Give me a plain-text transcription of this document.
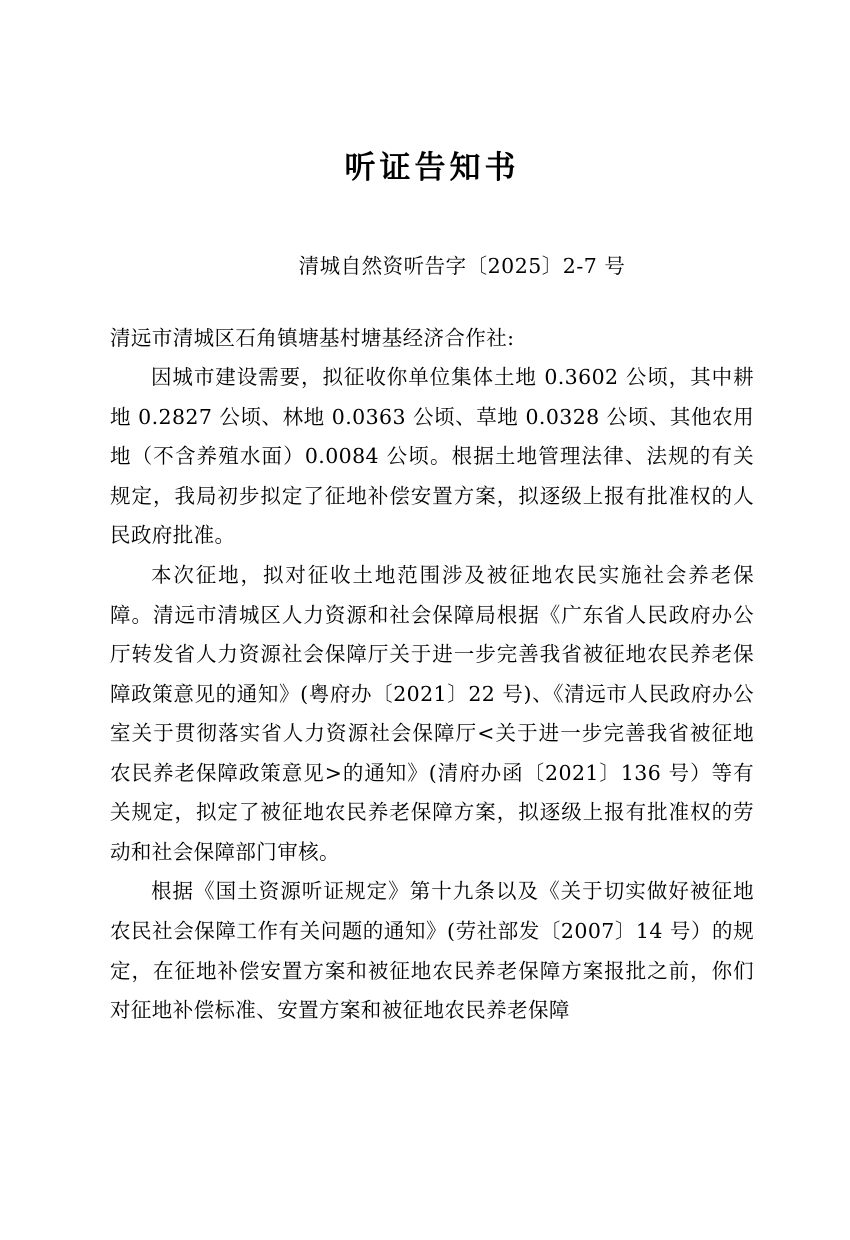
听证告知书
清城自然资听告字〔2025〕2-7 号
清远市清城区石角镇塘基村塘基经济合作社:

因城市建设需要，拟征收你单位集体土地 0.3602 公顷，其中耕地 0.2827 公顷、林地 0.0363 公顷、草地 0.0328 公顷、其他农用地（不含养殖水面）0.0084 公顷。根据土地管理法律、法规的有关规定，我局初步拟定了征地补偿安置方案，拟逐级上报有批准权的人民政府批准。

本次征地，拟对征收土地范围涉及被征地农民实施社会养老保障。清远市清城区人力资源和社会保障局根据《广东省人民政府办公厅转发省人力资源社会保障厅关于进一步完善我省被征地农民养老保障政策意见的通知》(粤府办〔2021〕22 号)、《清远市人民政府办公室关于贯彻落实省人力资源社会保障厅<关于进一步完善我省被征地农民养老保障政策意见>的通知》(清府办函〔2021〕136 号）等有关规定，拟定了被征地农民养老保障方案，拟逐级上报有批准权的劳动和社会保障部门审核。

根据《国土资源听证规定》第十九条以及《关于切实做好被征地农民社会保障工作有关问题的通知》(劳社部发〔2007〕14 号）的规定，在征地补偿安置方案和被征地农民养老保障方案报批之前，你们对征地补偿标准、安置方案和被征地农民养老保障
